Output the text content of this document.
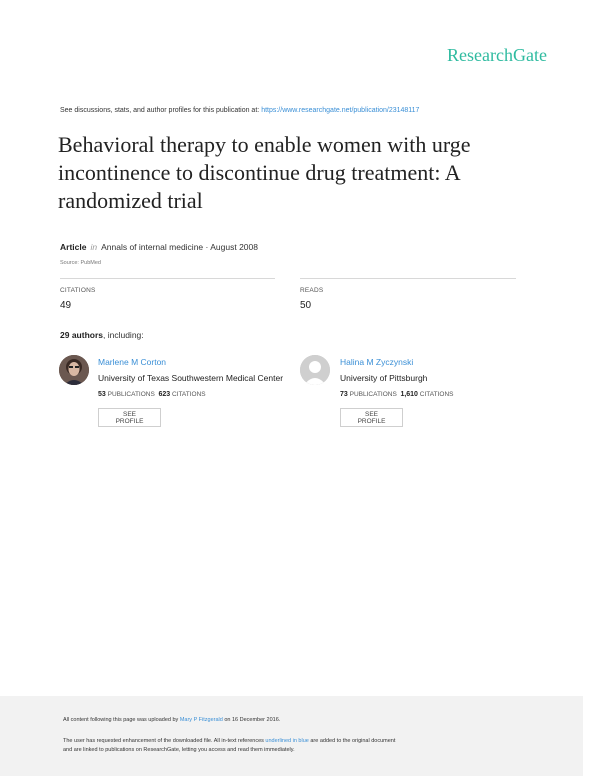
ResearchGate
See discussions, stats, and author profiles for this publication at: https://www.researchgate.net/publication/23148117
Behavioral therapy to enable women with urge incontinence to discontinue drug treatment: A randomized trial
Article in Annals of internal medicine · August 2008
Source: PubMed
CITATIONS
49
READS
50
29 authors, including:
Marlene M Corton
University of Texas Southwestern Medical Center
53 PUBLICATIONS 623 CITATIONS
SEE PROFILE
Halina M Zyczynski
University of Pittsburgh
73 PUBLICATIONS 1,610 CITATIONS
SEE PROFILE
All content following this page was uploaded by Mary P Fitzgerald on 16 December 2016.
The user has requested enhancement of the downloaded file. All in-text references underlined in blue are added to the original document
and are linked to publications on ResearchGate, letting you access and read them immediately.
